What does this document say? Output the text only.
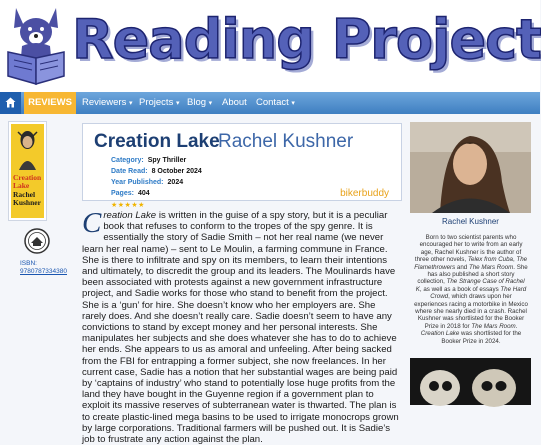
Reading Project
REVIEWS	Reviewers ▾ Projects ▾ Blog ▾ About Contact ▾
Creation Lake
Rachel Kushner
ISBN: 9780787334380
Creation Lake
Rachel Kushner
Category: Spy Thriller
Date Read: 8 October 2024
Year Published: 2024
Pages: 404
★★★★★
bikerbuddy
Creation Lake is written in the guise of a spy story, but it is a peculiar book that refuses to conform to the tropes of the spy genre. It is essentially the story of Sadie Smith – not her real name (we never learn her real name) – sent to Le Moulin, a farming commune in France. She is there to infiltrate and spy on its members, to learn their intentions and ultimately, to discredit the group and its leaders. The Moulinards have been associated with protests against a new government infrastructure project, and Sadie works for those who stand to benefit from the project. She is a ‘gun’ for hire. She doesn’t know who her employers are. She rarely does. And she doesn’t really care. Sadie doesn’t seem to have any convictions to stand by except money and her personal interests. She manipulates her subjects and she does whatever she has to do to achieve her ends. She appears to us as amoral and unfeeling. After being sacked from the FBI for entrapping a former subject, she now freelances. In her current case, Sadie has a notion that her substantial wages are being paid by ‘captains of industry’ who stand to potentially lose huge profits from the land they have bought in the Guyenne region if a government plan to exploit its massive reserves of subterranean water is thwarted. The plan is to create plastic-lined mega basins to be used to irrigate monocrops grown by large corporations. Traditional farmers will be pushed out. It is Sadie’s job to frustrate any action against the plan.
Rachel Kushner
Born to two scientist parents who encouraged her to write from an early age, Rachel Kushner is the author of three other novels, Telex from Cuba, The Flamethrowers and The Mars Room. She has also published a short story collection, The Strange Case of Rachel K, as well as a book of essays The Hard Crowd, which draws upon her experiences racing a motorbike in Mexico where she nearly died in a crash. Rachel Kushner was shortlisted for the Booker Prize in 2018 for The Mars Room. Creation Lake was shortlisted for the Booker Prize in 2024.
